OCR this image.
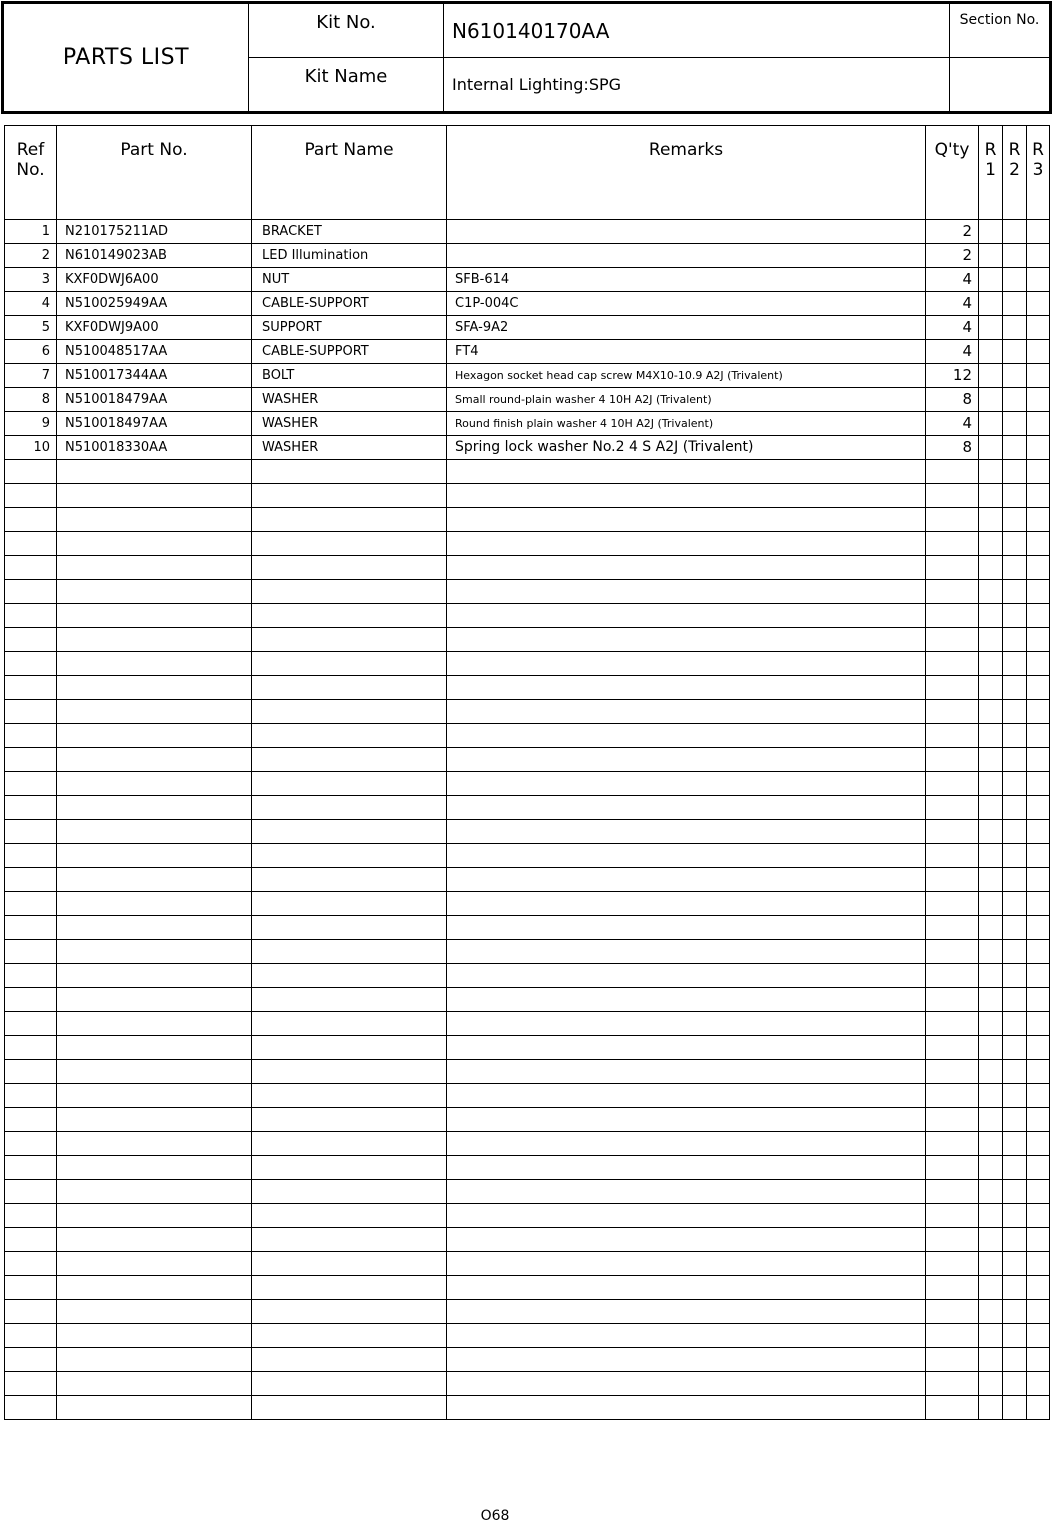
PARTS LIST	Kit No.	N610140170AA	Section No.
	Kit Name	Internal Lighting:SPG	
Ref No.	Part No.	Part Name	Remarks	Q'ty	R 1	R 2	R 3
1	N210175211AD	BRACKET		2			
2	N610149023AB	LED Illumination		2			
3	KXF0DWJ6A00	NUT	SFB-614	4			
4	N510025949AA	CABLE-SUPPORT	C1P-004C	4			
5	KXF0DWJ9A00	SUPPORT	SFA-9A2	4			
6	N510048517AA	CABLE-SUPPORT	FT4	4			
7	N510017344AA	BOLT	Hexagon socket head cap screw M4X10-10.9 A2J (Trivalent)	12			
8	N510018479AA	WASHER	Small round-plain washer 4 10H A2J (Trivalent)	8			
9	N510018497AA	WASHER	Round finish plain washer 4 10H A2J (Trivalent)	4			
10	N510018330AA	WASHER	Spring lock washer No.2 4 S A2J (Trivalent)	8			

O68
